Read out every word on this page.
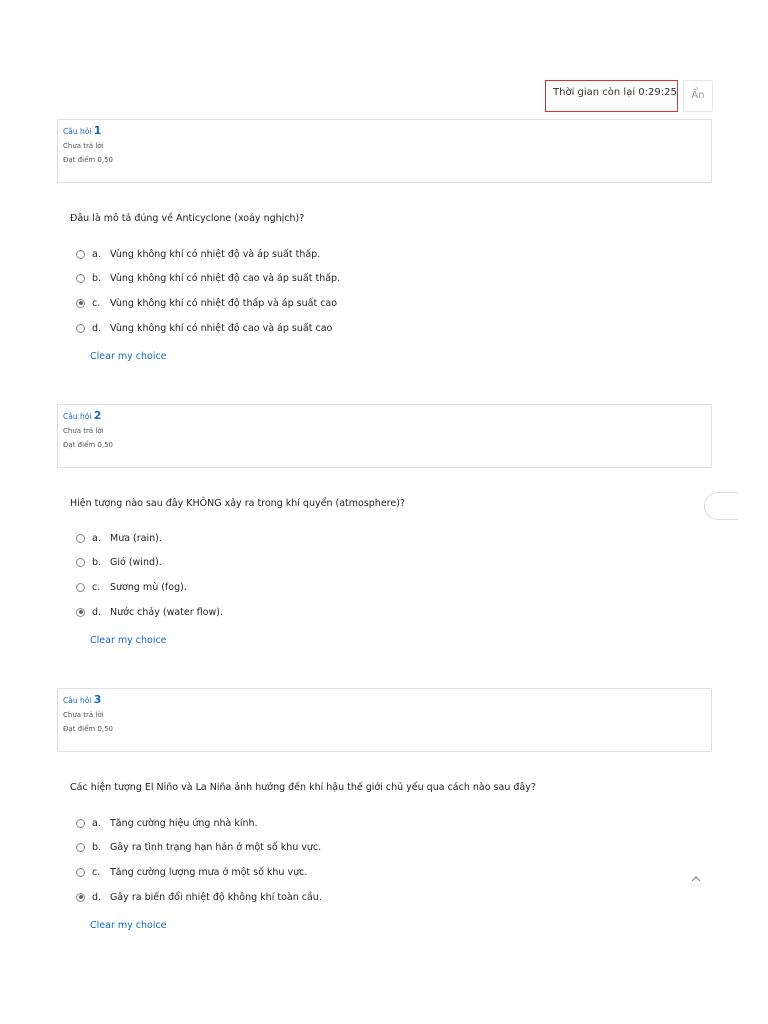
Thời gian còn lại 0:29:25	Ẩn
Câu hỏi 1
Chưa trả lời
Đạt điểm 0,50
Đâu là mô tả đúng về Anticyclone (xoáy nghịch)?
a. Vùng không khí có nhiệt độ và áp suất thấp.
b. Vùng không khí có nhiệt độ cao và áp suất thấp.
c.	Vùng không khí có nhiệt độ thấp và áp suất cao
d. Vùng không khí có nhiệt độ cao và áp suất cao
Clear my choice
Câu hỏi 2
Chưa trả lời
Đạt điểm 0,50
Hiện tượng nào sau đây KHÔNG xảy ra trong khí quyển (atmosphere)?
a. Mưa (rain).
b. Gió (wind).
c.	Sương mù (fog).
d. Nước chảy (water flow).
Clear my choice
Câu hỏi 3
Chưa trả lời
Đạt điểm 0,50
Các hiện tượng El Niño và La Niña ảnh hưởng đến khí hậu thế giới chủ yếu qua cách nào sau đây?
a. Tăng cường hiệu ứng nhà kính.
b. Gây ra tình trạng hạn hán ở một số khu vực.
c.	Tăng cường lượng mưa ở một số khu vực.
d. Gây ra biến đổi nhiệt độ không khí toàn cầu.
Clear my choice
